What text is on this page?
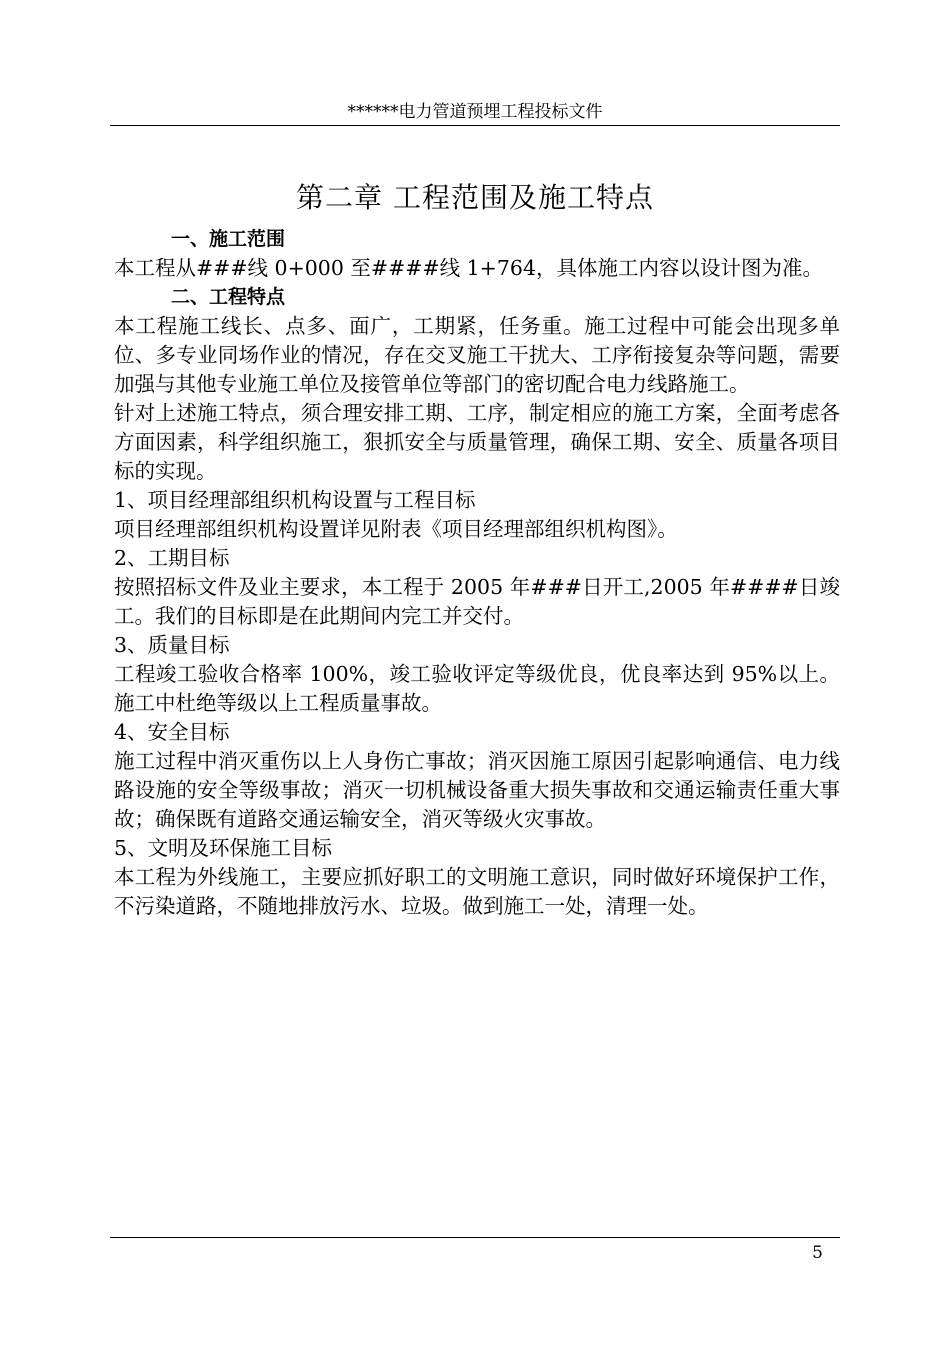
******电力管道预埋工程投标文件
第二章 工程范围及施工特点
一、施工范围
本工程从###线 0+000 至####线 1+764，具体施工内容以设计图为准。
二、工程特点
本工程施工线长、点多、面广，工期紧，任务重。施工过程中可能会出现多单位、多专业同场作业的情况，存在交叉施工干扰大、工序衔接复杂等问题，需要加强与其他专业施工单位及接管单位等部门的密切配合电力线路施工。
针对上述施工特点，须合理安排工期、工序，制定相应的施工方案，全面考虑各方面因素，科学组织施工，狠抓安全与质量管理，确保工期、安全、质量各项目标的实现。
1、项目经理部组织机构设置与工程目标
项目经理部组织机构设置详见附表《项目经理部组织机构图》。
2、工期目标
按照招标文件及业主要求，本工程于 2005 年###日开工,2005 年####日竣工。我们的目标即是在此期间内完工并交付。
3、质量目标
工程竣工验收合格率 100%，竣工验收评定等级优良，优良率达到 95%以上。施工中杜绝等级以上工程质量事故。
4、安全目标
施工过程中消灭重伤以上人身伤亡事故；消灭因施工原因引起影响通信、电力线路设施的安全等级事故；消灭一切机械设备重大损失事故和交通运输责任重大事故；确保既有道路交通运输安全，消灭等级火灾事故。
5、文明及环保施工目标
本工程为外线施工，主要应抓好职工的文明施工意识，同时做好环境保护工作，不污染道路，不随地排放污水、垃圾。做到施工一处，清理一处。
5
